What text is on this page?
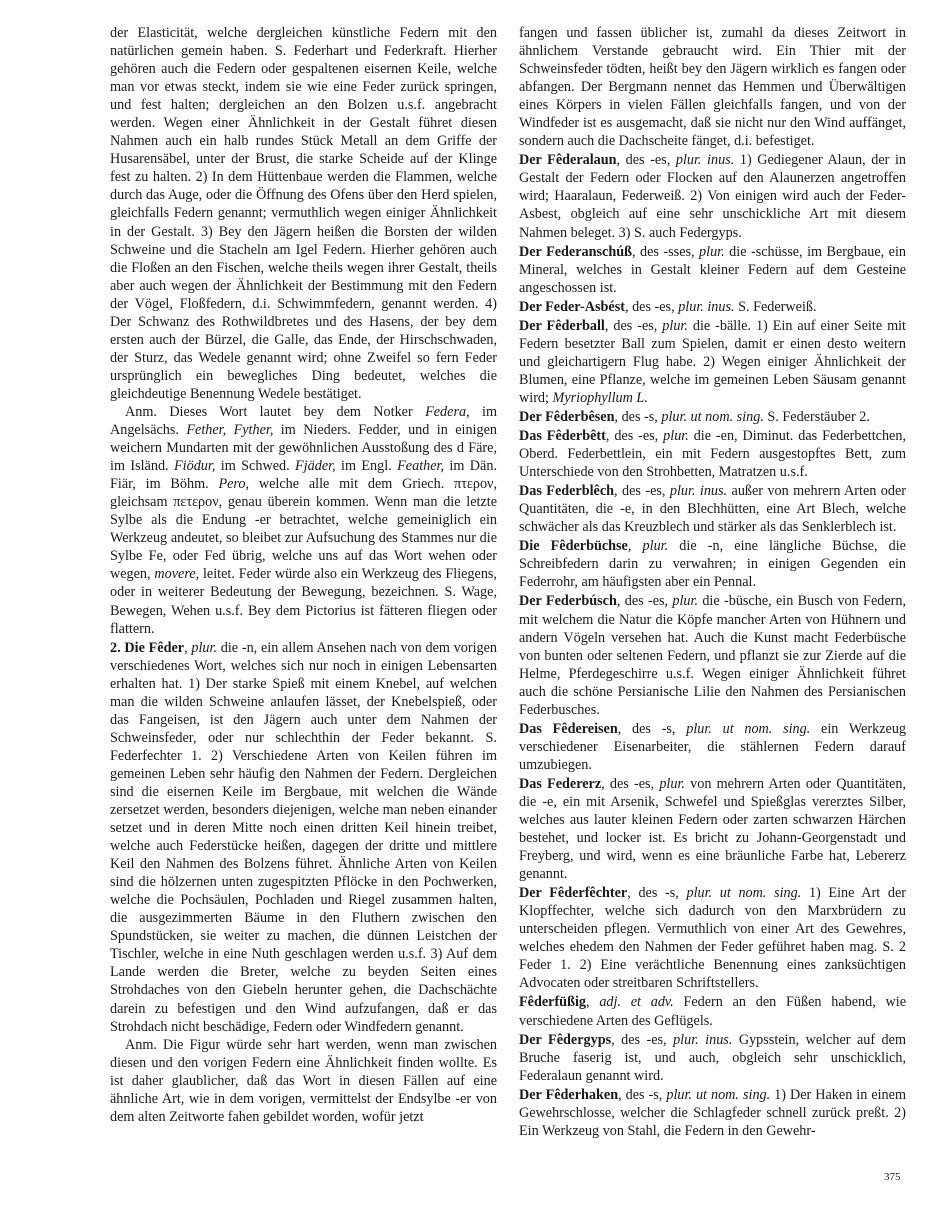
der Elasticität, welche dergleichen künstliche Federn mit den natürlichen gemein haben. S. Federhart und Federkraft. Hierher gehören auch die Federn oder gespaltenen eisernen Keile, welche man vor etwas steckt, indem sie wie eine Feder zurück springen, und fest halten; dergleichen an den Bolzen u.s.f. angebracht werden. Wegen einer Ähnlichkeit in der Gestalt führet diesen Nahmen auch ein halb rundes Stück Metall an dem Griffe der Husarensäbel, unter der Brust, die starke Scheide auf der Klinge fest zu halten. 2) In dem Hüttenbaue werden die Flammen, welche durch das Auge, oder die Öffnung des Ofens über den Herd spielen, gleichfalls Federn genannt; vermuthlich wegen einiger Ähnlichkeit in der Gestalt. 3) Bey den Jägern heißen die Borsten der wilden Schweine und die Stacheln am Igel Federn. Hierher gehören auch die Floßen an den Fischen, welche theils wegen ihrer Gestalt, theils aber auch wegen der Ähnlichkeit der Bestimmung mit den Federn der Vögel, Floßfedern, d.i. Schwimmfedern, genannt werden. 4) Der Schwanz des Rothwildbretes und des Hasens, der bey dem ersten auch der Bürzel, die Galle, das Ende, der Hirschschwaden, der Sturz, das Wedele genannt wird; ohne Zweifel so fern Feder ursprünglich ein bewegliches Ding bedeutet, welches die gleichdeutige Benennung Wedele bestätiget.

Anm. Dieses Wort lautet bey dem Notker Federa, im Angelsächs. Fether, Fyther, im Nieders. Fedder, und in einigen weichern Mundarten mit der gewöhnlichen Ausstoßung des d Färe, im Isländ. Fiödur, im Schwed. Fjäder, im Engl. Feather, im Dän. Fiär, im Böhm. Pero, welche alle mit dem Griech. πτερον, gleichsam πετερον, genau überein kommen. Wenn man die letzte Sylbe als die Endung -er betrachtet, welche gemeiniglich ein Werkzeug andeutet, so bleibet zur Aufsuchung des Stammes nur die Sylbe Fe, oder Fed übrig, welche uns auf das Wort wehen oder wegen, movere, leitet. Feder würde also ein Werkzeug des Fliegens, oder in weiterer Bedeutung der Bewegung, bezeichnen. S. Wage, Bewegen, Wehen u.s.f. Bey dem Pictorius ist fätteren fliegen oder flattern.

2. Die Fêder, plur. die -n, ein allem Ansehen nach von dem vorigen verschiedenes Wort, welches sich nur noch in einigen Lebensarten erhalten hat. 1) Der starke Spieß mit einem Knebel, auf welchen man die wilden Schweine anlaufen lässet, der Knebelspieß, oder das Fangeisen, ist den Jägern auch unter dem Nahmen der Schweinsfeder, oder nur schlechthin der Feder bekannt. S. Federfechter 1. 2) Verschiedene Arten von Keilen führen im gemeinen Leben sehr häufig den Nahmen der Federn. Dergleichen sind die eisernen Keile im Bergbaue, mit welchen die Wände zersetzet werden, besonders diejenigen, welche man neben einander setzet und in deren Mitte noch einen dritten Keil hinein treibet, welche auch Federstücke heißen, dagegen der dritte und mittlere Keil den Nahmen des Bolzens führet. Ähnliche Arten von Keilen sind die hölzernen unten zugespitzten Pflöcke in den Pochwerken, welche die Pochsäulen, Pochladen und Riegel zusammen halten, die ausgezimmerten Bäume in den Fluthern zwischen den Spundstücken, sie weiter zu machen, die dünnen Leistchen der Tischler, welche in eine Nuth geschlagen werden u.s.f. 3) Auf dem Lande werden die Breter, welche zu beyden Seiten eines Strohdaches von den Giebeln herunter gehen, die Dachschächte darein zu befestigen und den Wind aufzufangen, daß er das Strohdach nicht beschädige, Federn oder Windfedern genannt.

Anm. Die Figur würde sehr hart werden, wenn man zwischen diesen und den vorigen Federn eine Ähnlichkeit finden wollte. Es ist daher glaublicher, daß das Wort in diesen Fällen auf eine ähnliche Art, wie in dem vorigen, vermittelst der Endsylbe -er von dem alten Zeitworte fahen gebildet worden, wofür jetzt

fangen und fassen üblicher ist, zumahl da dieses Zeitwort in ähnlichem Verstande gebraucht wird. Ein Thier mit der Schweinsfeder tödten, heißt bey den Jägern wirklich es fangen oder abfangen. Der Bergmann nennet das Hemmen und Überwältigen eines Körpers in vielen Fällen gleichfalls fangen, und von der Windfeder ist es ausgemacht, daß sie nicht nur den Wind auffänget, sondern auch die Dachscheite fänget, d.i. befestiget.

Der Fêderalaun, des -es, plur. inus. 1) Gediegener Alaun, der in Gestalt der Federn oder Flocken auf den Alaunerzen angetroffen wird; Haaralaun, Federweiß. 2) Von einigen wird auch der Feder-Asbest, obgleich auf eine sehr unschickliche Art mit diesem Nahmen beleget. 3) S. auch Federgyps.

Der Federanschúß, des -sses, plur. die -schüsse, im Bergbaue, ein Mineral, welches in Gestalt kleiner Federn auf dem Gesteine angeschossen ist.

Der Feder-Asbést, des -es, plur. inus. S. Federweiß.

Der Fêderball, des -es, plur. die -bälle. 1) Ein auf einer Seite mit Federn besetzter Ball zum Spielen, damit er einen desto weitern und gleichartigern Flug habe. 2) Wegen einiger Ähnlichkeit der Blumen, eine Pflanze, welche im gemeinen Leben Säusam genannt wird; Myriophyllum L.

Der Fêderbêsen, des -s, plur. ut nom. sing. S. Federstäuber 2.

Das Fêderbêtt, des -es, plur. die -en, Diminut. das Federbettchen, Oberd. Federbettlein, ein mit Federn ausgestopftes Bett, zum Unterschiede von den Strohbetten, Matratzen u.s.f.

Das Federblêch, des -es, plur. inus. außer von mehrern Arten oder Quantitäten, die -e, in den Blechhütten, eine Art Blech, welche schwächer als das Kreuzblech und stärker als das Senklerblech ist.

Die Fêderbüchse, plur. die -n, eine längliche Büchse, die Schreibfedern darin zu verwahren; in einigen Gegenden ein Federrohr, am häufigsten aber ein Pennal.

Der Federbúsch, des -es, plur. die -büsche, ein Busch von Federn, mit welchem die Natur die Köpfe mancher Arten von Hühnern und andern Vögeln versehen hat. Auch die Kunst macht Federbüsche von bunten oder seltenen Federn, und pflanzt sie zur Zierde auf die Helme, Pferdegeschirre u.s.f. Wegen einiger Ähnlichkeit führet auch die schöne Persianische Lilie den Nahmen des Persianischen Federbusches.

Das Fêdereisen, des -s, plur. ut nom. sing. ein Werkzeug verschiedener Eisenarbeiter, die stählernen Federn darauf umzubiegen.

Das Federerz, des -es, plur. von mehrern Arten oder Quantitäten, die -e, ein mit Arsenik, Schwefel und Spießglas vererztes Silber, welches aus lauter kleinen Federn oder zarten schwarzen Härchen bestehet, und locker ist. Es bricht zu Johann-Georgenstadt und Freyberg, und wird, wenn es eine bräunliche Farbe hat, Lebererz genannt.

Der Fêderfêchter, des -s, plur. ut nom. sing. 1) Eine Art der Klopffechter, welche sich dadurch von den Marxbrüdern zu unterscheiden pflegen. Vermuthlich von einer Art des Gewehres, welches ehedem den Nahmen der Feder geführet haben mag. S. 2 Feder 1. 2) Eine verächtliche Benennung eines zanksüchtigen Advocaten oder streitbaren Schriftstellers.

Fêderfüßig, adj. et adv. Federn an den Füßen habend, wie verschiedene Arten des Geflügels.

Der Fêdergyps, des -es, plur. inus. Gypsstein, welcher auf dem Bruche faserig ist, und auch, obgleich sehr unschicklich, Federalaun genannt wird.

Der Fêderhaken, des -s, plur. ut nom. sing. 1) Der Haken in einem Gewehrschlosse, welcher die Schlagfeder schnell zurück preßt. 2) Ein Werkzeug von Stahl, die Federn in den Gewehr-

375
